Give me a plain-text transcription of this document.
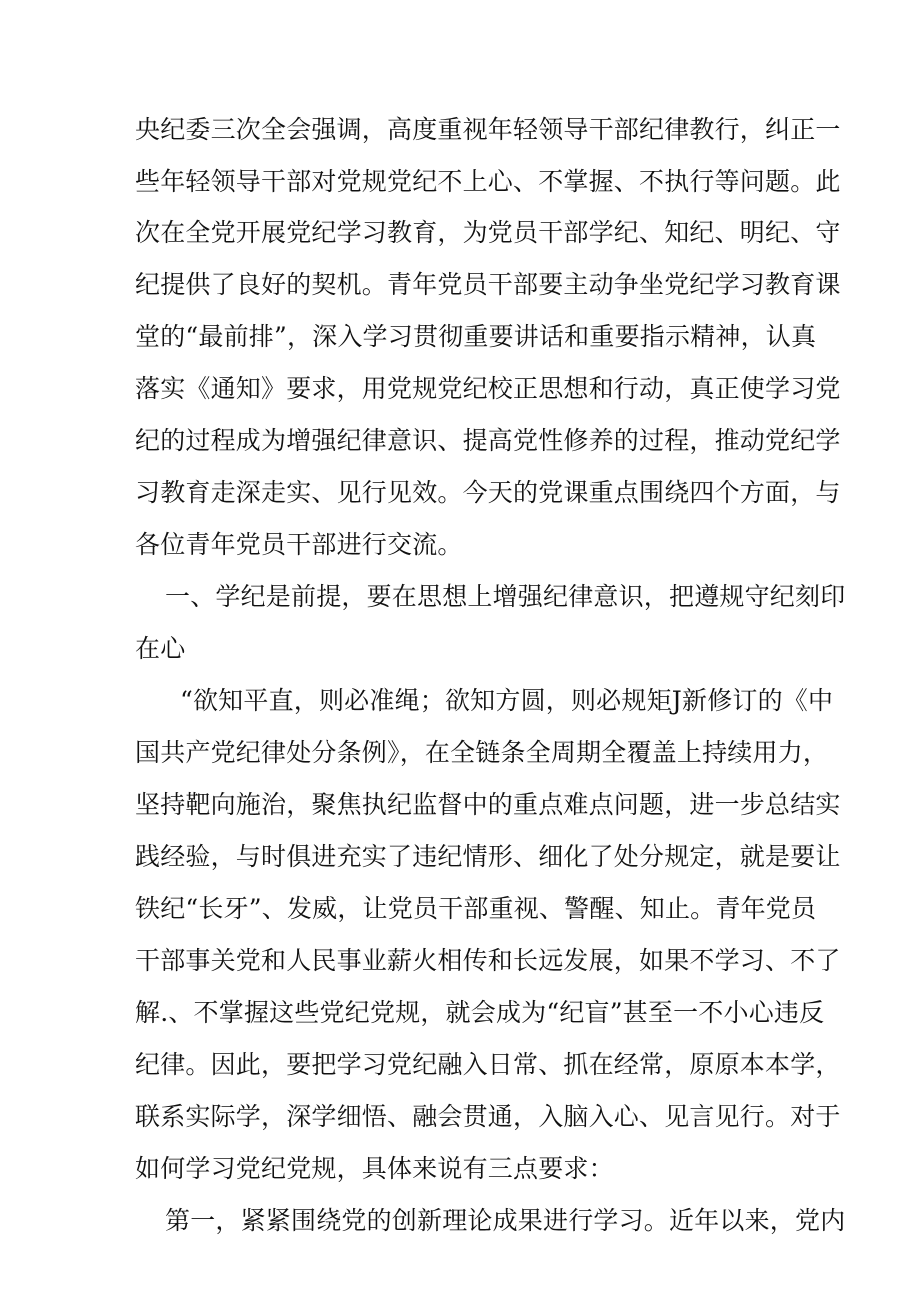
央纪委三次全会强调，高度重视年轻领导干部纪律教行，纠正一
些年轻领导干部对党规党纪不上心、不掌握、不执行等问题。此
次在全党开展党纪学习教育，为党员干部学纪、知纪、明纪、守
纪提供了良好的契机。青年党员干部要主动争坐党纪学习教育课
堂的“最前排”，深入学习贯彻重要讲话和重要指示精神，认真
落实《通知》要求，用党规党纪校正思想和行动，真正使学习党
纪的过程成为增强纪律意识、提高党性修养的过程，推动党纪学
习教育走深走实、见行见效。今天的党课重点围绕四个方面，与
各位青年党员干部进行交流。
一、学纪是前提，要在思想上增强纪律意识，把遵规守纪刻印
在心
“欲知平直，则必准绳；欲知方圆，则必规矩J新修订的《中
国共产党纪律处分条例》，在全链条全周期全覆盖上持续用力，
坚持靶向施治，聚焦执纪监督中的重点难点问题，进一步总结实
践经验，与时俱进充实了违纪情形、细化了处分规定，就是要让
铁纪“长牙”、发威，让党员干部重视、警醒、知止。青年党员
干部事关党和人民事业薪火相传和长远发展，如果不学习、不了
解.、不掌握这些党纪党规，就会成为“纪盲”甚至一不小心违反
纪律。因此，要把学习党纪融入日常、抓在经常，原原本本学，
联系实际学，深学细悟、融会贯通，入脑入心、见言见行。对于
如何学习党纪党规，具体来说有三点要求：
第一，紧紧围绕党的创新理论成果进行学习。近年以来，党内
